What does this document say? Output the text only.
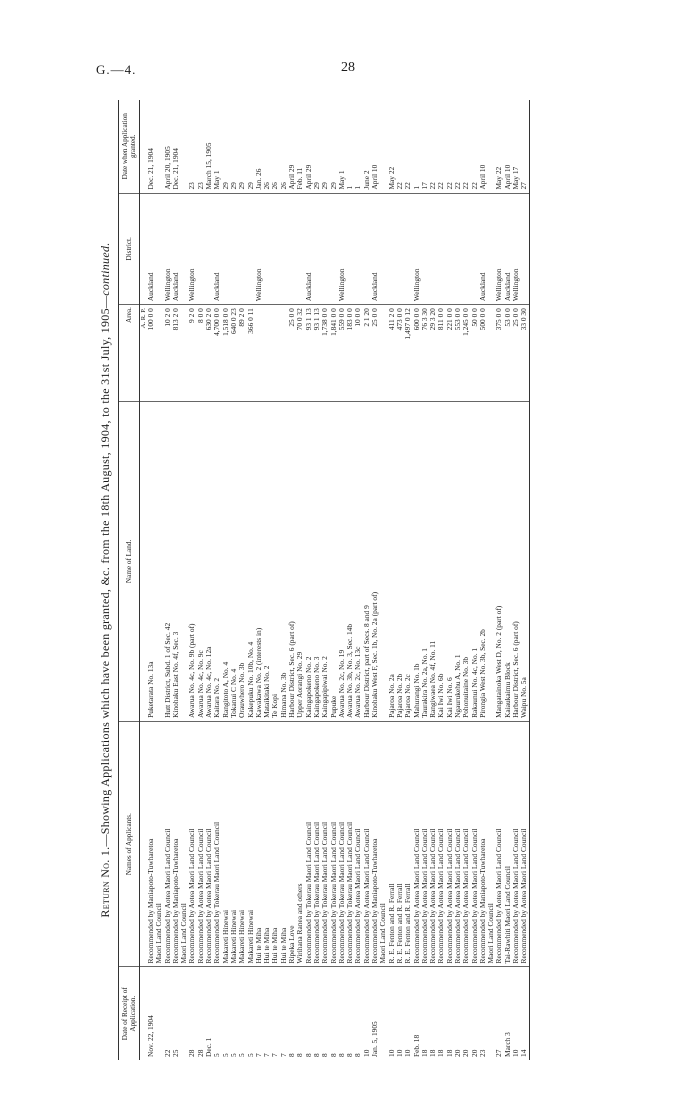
G.—4.	28
Return No. 1.—Showing Applications which have been granted, &c. from the 18th August, 1904, to the 31st July, 1905—continued.
Date of Receipt of Application.	Names of Applicants.	Name of Land.	Area.	District.	Date when Application granted.
			A. R. P.		
Nov. 22, 1904	Recommended by Maniapoto-Tuwharetoa	Puketarata No. 13a	100 0 0	Auckland	Dec. 21, 1904
	Maori Land Council				
22	Recommended by Aotea Maori Land Council	Hutt District, Subd. 1 of Sec. 42	10 2 0	Wellington	April 20, 1905
25	Recommended by Maniapoto-Tuwharetoa	Kinohaku East No. 4f, Sec. 3	813 2 0	Auckland	Dec. 21, 1904
	Maori Land Council				
28	Recommended by Aotea Maori Land Council	Awarua No. 4c, No. 9b (part of)	9 2 0	Wellington	23
28	Recommended by Aotea Maori Land Council	Awarua No. 4c, No. 9c	8 0 0		23
Dec. 1	Recommended by Aotea Maori Land Council	Awarua No. 4c, No. 12a	630 2 0		March 15, 1905
5	Recommended by Tokerau Maori Land Council	Kaitara No. 2	4,700 0 0	Auckland	May 1
5	Makareti Hinewai	Rangitoto A, No. 4	1,518 0 0		29
5	Makareti Hinewai	Tokanui C No. 4	640 0 23		29
5	Makareti Hinewai	Orauwhero No. 3b	89 2 0		29
5	Makareti Hinewai	Kakepuku No. 10b, No. 4	366 0 11		29
7	Hui te Miha	Kawakawa No. 2 (interests in)		Wellington	Jan. 26
7	Hui te Miha	Mataikitaki No. 2			26
7	Hui te Miha	Te Kopi			26
7	Hui te Miha	Himana No. 3b			26
8	Ripeka Love	Harbour District, Sec. 6 (part of)	25 0 0		April 29
8	Wirihana Ranea and others	Upper Aorangi No. 29	70 0 32		Feb. 11
8	Recommended by Tokerau Maori Land Council	Kaingapokeno No. 2	93 1 13	Auckland	April 29
8	Recommended by Tokerau Maori Land Council	Kaingapokeno No. 3	93 1 13		29
8	Recommended by Tokerau Maori Land Council	Kaingapipiwai No. 2	1,738 0 0		29
8	Recommended by Tokerau Maori Land Council	Pupuke	1,841 0 0		29
8	Recommended by Tokerau Maori Land Council	Awarua No. 2c, No. 19	559 0 0	Wellington	May 1
8	Recommended by Tokerau Maori Land Council	Awarua No. 3b, No. 3, Sec. 14b	183 0 0		1
8	Recommended by Aotea Maori Land Council	Awarua No. 2c, No. 13c	10 0 0		1
10	Recommended by Aotea Maori Land Council	Harbour District, part of Secs. 8 and 9	2 1 20		June 2
Jan. 5, 1905	Recommended by Maniapoto-Tuwharetoa	Kinohaku West F, Sec. 1b, No. 2a (part of)	25 0 0	Auckland	April 10
	Maori Land Council				
10	R. E. Fenton and R. Ferrall	Pajaroa No. 2a	411 2 0		May 22
10	R. E. Fenton and R. Ferrall	Pajaroa No. 2b	473 0 0		22
10	R. E. Fenton and R. Ferrall	Pajaroa No. 2c	1,497 0 12		22
Feb. 18	Recommended by Aotea Maori Land Council	Mahurangi No. 1b	600 0 0	Wellington	1
18	Recommended by Aotea Maori Land Council	Taurakira No. 2a, No. 1	76 3 30		17
18	Recommended by Aotea Maori Land Council	Rangiwaea No. 4f, No. 11	29 3 20		22
18	Recommended by Aotea Maori Land Council	Kai Iwi No. 6b	811 0 0		22
18	Recommended by Aotea Maori Land Council	Kai Iwi No. 6	221 0 0		22
20	Recommended by Aotea Maori Land Council	Ngaurukehu A, No. 1	553 0 0		22
20	Recommended by Aotea Maori Land Council	Pohonuitaine No. 3b	1,245 0 0		22
20	Recommended by Aotea Maori Land Council	Rakaunui No. 4c, No. 1	50 0 0		22
23	Recommended by Maniapoto-Tuwharetoa	Pirongia West No. 3b, Sec. 2b	500 0 0	Auckland	April 10
	Maori Land Council				
27	Recommended by Aotea Maori Land Council	Mangatainoka West D, No. 2 (part of)	375 0 0	Wellington	May 22
March 3	Tai-Rawhiti Maori Land Council	Kaiaukaimu Block	53 0 0	Auckland	April 10
10	Recommended by Aotea Maori Land Council	Harbour District, Sec. 6 (part of)	25 0 0	Wellington	May 17
14	Recommended by Aotea Maori Land Council	Waipu No. 5a	33 0 30		27
